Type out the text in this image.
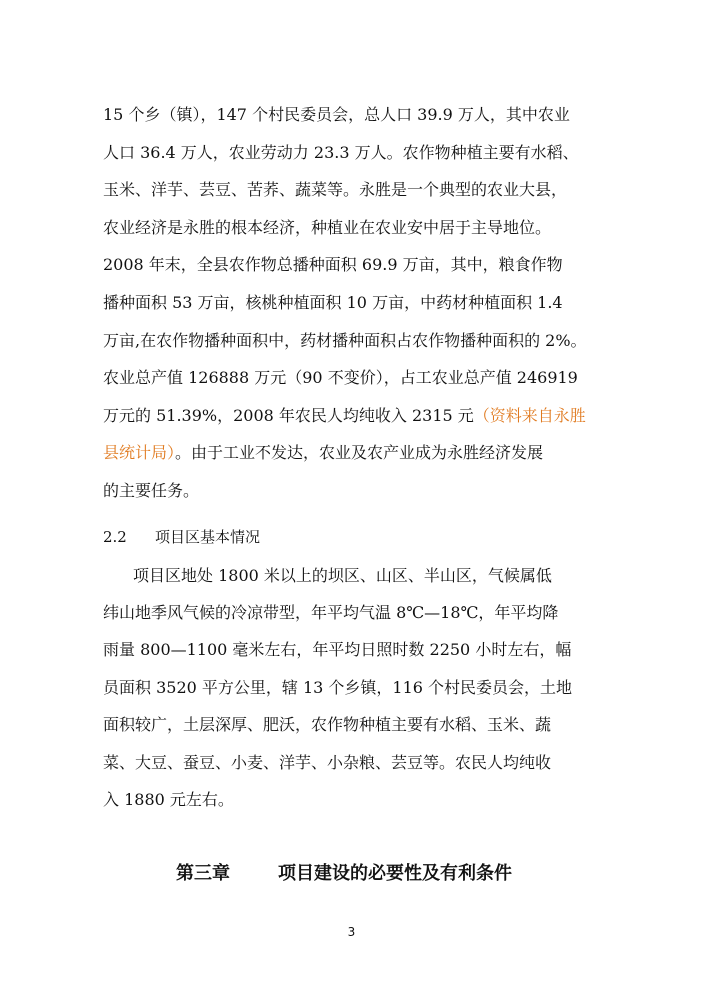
15 个乡（镇），147 个村民委员会，总人口 39.9 万人，其中农业
人口 36.4 万人，农业劳动力 23.3 万人。农作物种植主要有水稻、
玉米、洋芋、芸豆、苦荞、蔬菜等。永胜是一个典型的农业大县，
农业经济是永胜的根本经济，种植业在农业安中居于主导地位。
2008 年末，全县农作物总播种面积 69.9 万亩，其中，粮食作物
播种面积 53 万亩，核桃种植面积 10 万亩，中药材种植面积 1.4
万亩,在农作物播种面积中，药材播种面积占农作物播种面积的 2%。
农业总产值 126888 万元（90 不变价），占工农业总产值 246919
万元的 51.39%，2008 年农民人均纯收入 2315 元（资料来自永胜
县统计局）。由于工业不发达，农业及农产业成为永胜经济发展
的主要任务。
2.2 项目区基本情况
项目区地处 1800 米以上的坝区、山区、半山区，气候属低
纬山地季风气候的冷凉带型，年平均气温 8℃—18℃，年平均降
雨量 800—1100 毫米左右，年平均日照时数 2250 小时左右，幅
员面积 3520 平方公里，辖 13 个乡镇，116 个村民委员会，土地
面积较广，土层深厚、肥沃，农作物种植主要有水稻、玉米、蔬
菜、大豆、蚕豆、小麦、洋芋、小杂粮、芸豆等。农民人均纯收
入 1880 元左右。
第三章	项目建设的必要性及有利条件
3
